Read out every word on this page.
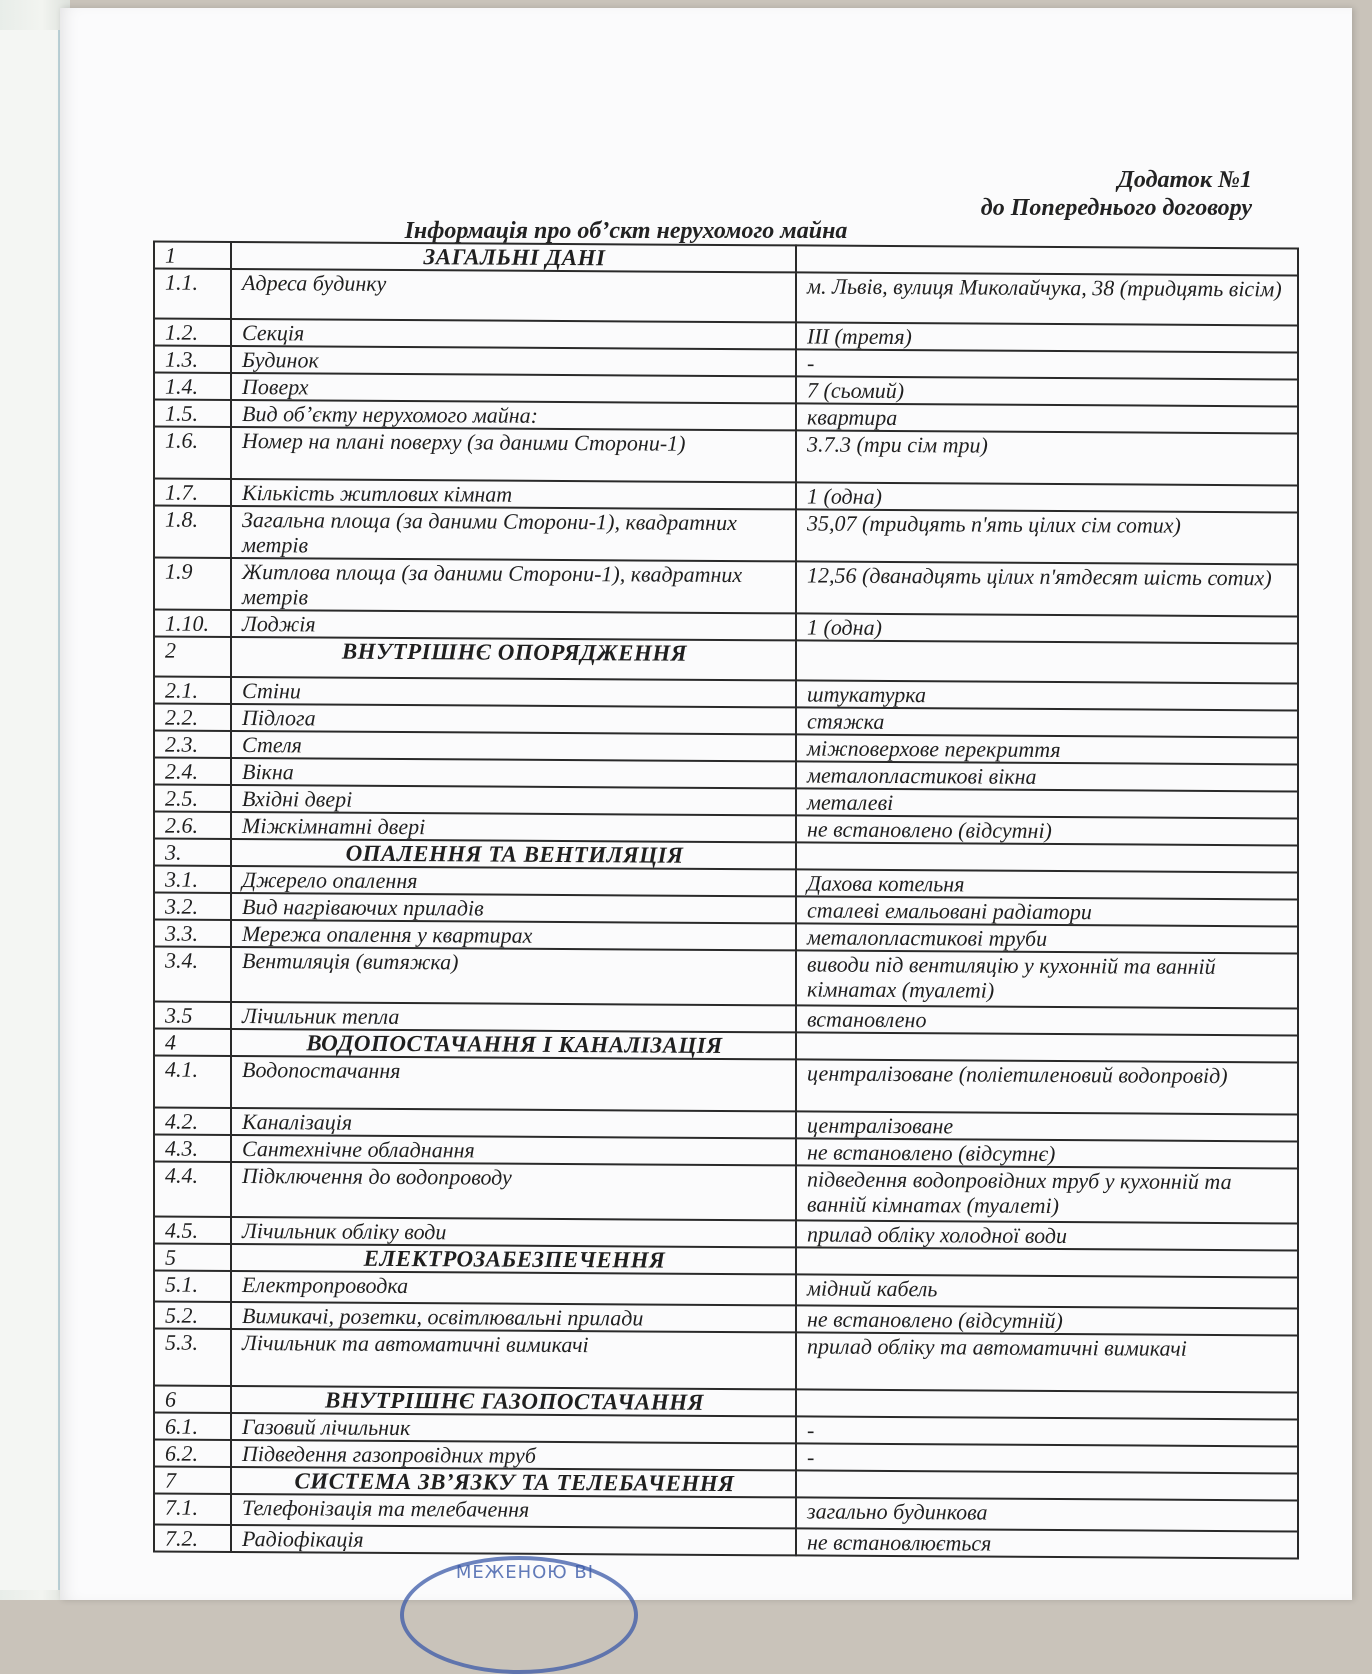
Додаток №1
до Попереднього договору
Інформація про об’скт нерухомого майна
1	ЗАГАЛЬНІ ДАНІ	
1.1.	Адреса будинку	м. Львів, вулиця Миколайчука, 38 (тридцять вісім)
1.2.	Секція	III (третя)
1.3.	Будинок	-
1.4.	Поверх	7 (сьомий)
1.5.	Вид об’єкту нерухомого майна:	квартира
1.6.	Номер на плані поверху (за даними Сторони-1)	3.7.3 (три сім три)
1.7.	Кількість житлових кімнат	1 (одна)
1.8.	Загальна площа (за даними Сторони-1), квадратних метрів	35,07 (тридцять п'ять цілих сім сотих)
1.9	Житлова площа (за даними Сторони-1), квадратних метрів	12,56 (дванадцять цілих п'ятдесят шість сотих)
1.10.	Лоджія	1 (одна)
2	ВНУТРІШНЄ ОПОРЯДЖЕННЯ	
2.1.	Стіни	штукатурка
2.2.	Підлога	стяжка
2.3.	Стеля	міжповерхове перекриття
2.4.	Вікна	металопластикові вікна
2.5.	Вхідні двері	металеві
2.6.	Міжкімнатні двері	не встановлено (відсутні)
3.	ОПАЛЕННЯ ТА ВЕНТИЛЯЦІЯ	
3.1.	Джерело опалення	Дахова котельня
3.2.	Вид нагріваючих приладів	сталеві емальовані радіатори
3.3.	Мережа опалення у квартирах	металопластикові труби
3.4.	Вентиляція (витяжка)	виводи під вентиляцію у кухонній та ванній кімнатах (туалеті)
3.5	Лічильник тепла	встановлено
4	ВОДОПОСТАЧАННЯ І КАНАЛІЗАЦІЯ	
4.1.	Водопостачання	централізоване (поліетиленовий водопровід)
4.2.	Каналізація	централізоване
4.3.	Сантехнічне обладнання	не встановлено (відсутнє)
4.4.	Підключення до водопроводу	підведення водопровідних труб у кухонній та ванній кімнатах (туалеті)
4.5.	Лічильник обліку води	прилад обліку холодної води
5	ЕЛЕКТРОЗАБЕЗПЕЧЕННЯ	
5.1.	Електропроводка	мідний кабель
5.2.	Вимикачі, розетки, освітлювальні прилади	не встановлено (відсутній)
5.3.	Лічильник та автоматичні вимикачі	прилад обліку та автоматичні вимикачі
6	ВНУТРІШНЄ ГАЗОПОСТАЧАННЯ	
6.1.	Газовий лічильник	-
6.2.	Підведення газопровідних труб	-
7	СИСТЕМА ЗВ’ЯЗКУ ТА ТЕЛЕБАЧЕННЯ	
7.1.	Телефонізація та телебачення	загально будинкова
7.2.	Радіофікація	не встановлюється
МЕЖЕНОЮ ВІ
